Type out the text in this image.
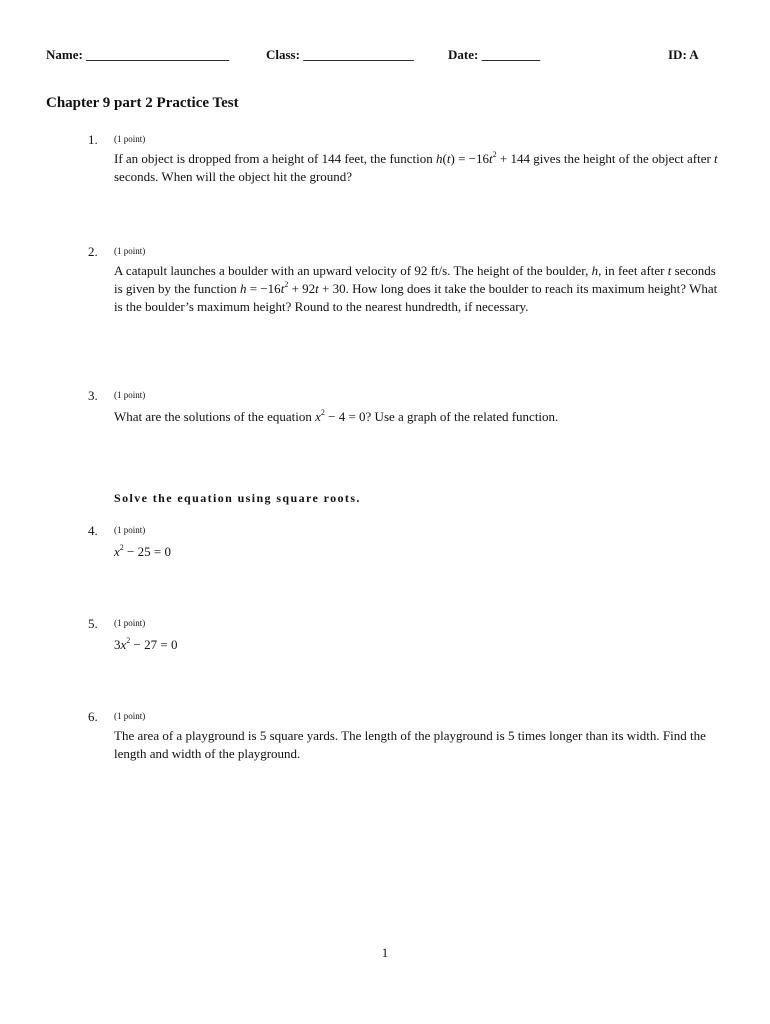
Name: ______________________	Class: _________________	Date: _________	ID: A
Chapter 9 part 2 Practice Test
1. (1 point)
If an object is dropped from a height of 144 feet, the function $h(t) = -16t^2 + 144$ gives the height of the object after t seconds. When will the object hit the ground?
2. (1 point)
A catapult launches a boulder with an upward velocity of 92 ft/s. The height of the boulder, h, in feet after t seconds is given by the function $h = -16t^2 + 92t + 30$. How long does it take the boulder to reach its maximum height? What is the boulder’s maximum height? Round to the nearest hundredth, if necessary.
3. (1 point)
What are the solutions of the equation $x^2 - 4 = 0$? Use a graph of the related function.
Solve the equation using square roots.
4. (1 point)
$x^2 - 25 = 0$
5. (1 point)
$3x^2 - 27 = 0$
6. (1 point)
The area of a playground is 5 square yards. The length of the playground is 5 times longer than its width. Find the length and width of the playground.
1
